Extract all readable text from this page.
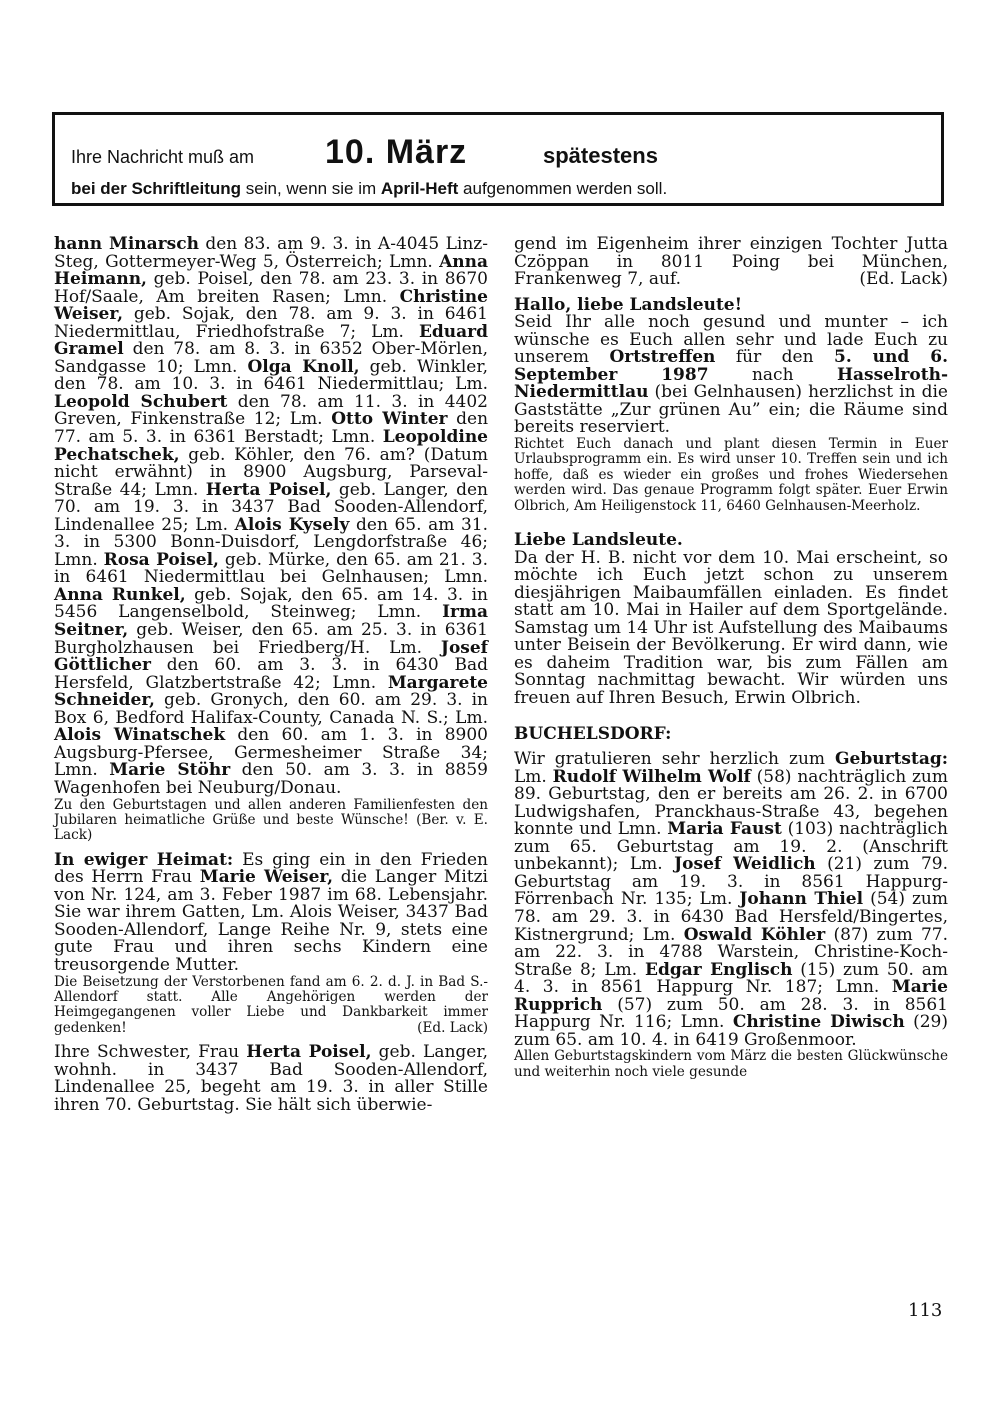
Ihre Nachricht muß am 10. März	spätestens
bei der Schriftleitung sein, wenn sie im April-Heft aufgenommen werden soll.

hann Minarsch den 83. am 9. 3. in A-4045 Linz-Steg, Gottermeyer-Weg 5, Österreich; Lmn. Anna Heimann, geb. Poisel, den 78. am 23. 3. in 8670 Hof/Saale, Am breiten Rasen; Lmn. Christine Weiser, geb. Sojak, den 78. am 9. 3. in 6461 Niedermittlau, Friedhofstraße 7; Lm. Eduard Gramel den 78. am 8. 3. in 6352 Ober-Mörlen, Sandgasse 10; Lmn. Olga Knoll, geb. Winkler, den 78. am 10. 3. in 6461 Niedermittlau; Lm. Leopold Schubert den 78. am 11. 3. in 4402 Greven, Finkenstraße 12; Lm. Otto Winter den 77. am 5. 3. in 6361 Berstadt; Lmn. Leopoldine Pechatschek, geb. Köhler, den 76. am? (Datum nicht erwähnt) in 8900 Augsburg, Parseval-Straße 44; Lmn. Herta Poisel, geb. Langer, den 70. am 19. 3. in 3437 Bad Sooden-Allendorf, Lindenallee 25; Lm. Alois Kysely den 65. am 31. 3. in 5300 Bonn-Duisdorf, Lengdorfstraße 46; Lmn. Rosa Poisel, geb. Mürke, den 65. am 21. 3. in 6461 Niedermittlau bei Gelnhausen; Lmn. Anna Runkel, geb. Sojak, den 65. am 14. 3. in 5456 Langenselbold, Steinweg; Lmn. Irma Seitner, geb. Weiser, den 65. am 25. 3. in 6361 Burgholzhausen bei Friedberg/H. Lm. Josef Göttlicher den 60. am 3. 3. in 6430 Bad Hersfeld, Glatzbertstraße 42; Lmn. Margarete Schneider, geb. Gronych, den 60. am 29. 3. in Box 6, Bedford Halifax-County, Canada N. S.; Lm. Alois Winatschek den 60. am 1. 3. in 8900 Augsburg-Pfersee, Germesheimer Straße 34; Lmn. Marie Stöhr den 50. am 3. 3. in 8859 Wagenhofen bei Neuburg/Donau.

Zu den Geburtstagen und allen anderen Familienfesten den Jubilaren heimatliche Grüße und beste Wünsche! (Ber. v. E. Lack)

In ewiger Heimat: Es ging ein in den Frieden des Herrn Frau Marie Weiser, die Langer Mitzi von Nr. 124, am 3. Feber 1987 im 68. Lebensjahr. Sie war ihrem Gatten, Lm. Alois Weiser, 3437 Bad Sooden-Allendorf, Lange Reihe Nr. 9, stets eine gute Frau und ihren sechs Kindern eine treusorgende Mutter.

Die Beisetzung der Verstorbenen fand am 6. 2. d. J. in Bad S.-Allendorf statt. Alle Angehörigen werden der Heimgegangenen voller Liebe und Dankbarkeit immer gedenken!	(Ed. Lack)

Ihre Schwester, Frau Herta Poisel, geb. Langer, wohnh. in 3437 Bad Sooden-Allendorf, Lindenallee 25, begeht am 19. 3. in aller Stille ihren 70. Geburtstag. Sie hält sich überwie-

gend im Eigenheim ihrer einzigen Tochter Jutta Czöppan in 8011 Poing bei München, Frankenweg 7, auf.	(Ed. Lack)

Hallo, liebe Landsleute!

Seid Ihr alle noch gesund und munter – ich wünsche es Euch allen sehr und lade Euch zu unserem Ortstreffen für den 5. und 6. September 1987 nach Hasselroth-Niedermittlau (bei Gelnhausen) herzlichst in die Gaststätte „Zur grünen Au” ein; die Räume sind bereits reserviert.

Richtet Euch danach und plant diesen Termin in Euer Urlaubsprogramm ein. Es wird unser 10. Treffen sein und ich hoffe, daß es wieder ein großes und frohes Wiedersehen werden wird. Das genaue Programm folgt später. Euer Erwin Olbrich, Am Heiligenstock 11, 6460 Gelnhausen-Meerholz.

Liebe Landsleute.

Da der H. B. nicht vor dem 10. Mai erscheint, so möchte ich Euch jetzt schon zu unserem diesjährigen Maibaumfällen einladen. Es findet statt am 10. Mai in Hailer auf dem Sportgelände. Samstag um 14 Uhr ist Aufstellung des Maibaums unter Beisein der Bevölkerung. Er wird dann, wie es daheim Tradition war, bis zum Fällen am Sonntag nachmittag bewacht. Wir würden uns freuen auf Ihren Besuch, Erwin Olbrich.

BUCHELSDORF:

Wir gratulieren sehr herzlich zum Geburtstag: Lm. Rudolf Wilhelm Wolf (58) nachträglich zum 89. Geburtstag, den er bereits am 26. 2. in 6700 Ludwigshafen, Pranckhaus-Straße 43, begehen konnte und Lmn. Maria Faust (103) nachträglich zum 65. Geburtstag am 19. 2. (Anschrift unbekannt); Lm. Josef Weidlich (21) zum 79. Geburtstag am 19. 3. in 8561 Happurg-Förrenbach Nr. 135; Lm. Johann Thiel (54) zum 78. am 29. 3. in 6430 Bad Hersfeld/Bingertes, Kistnergrund; Lm. Oswald Köhler (87) zum 77. am 22. 3. in 4788 Warstein, Christine-Koch-Straße 8; Lm. Edgar Englisch (15) zum 50. am 4. 3. in 8561 Happurg Nr. 187; Lmn. Marie Rupprich (57) zum 50. am 28. 3. in 8561 Happurg Nr. 116; Lmn. Christine Diwisch (29) zum 65. am 10. 4. in 6419 Großenmoor.

Allen Geburtstagskindern vom März die besten Glückwünsche und weiterhin noch viele gesunde

113
